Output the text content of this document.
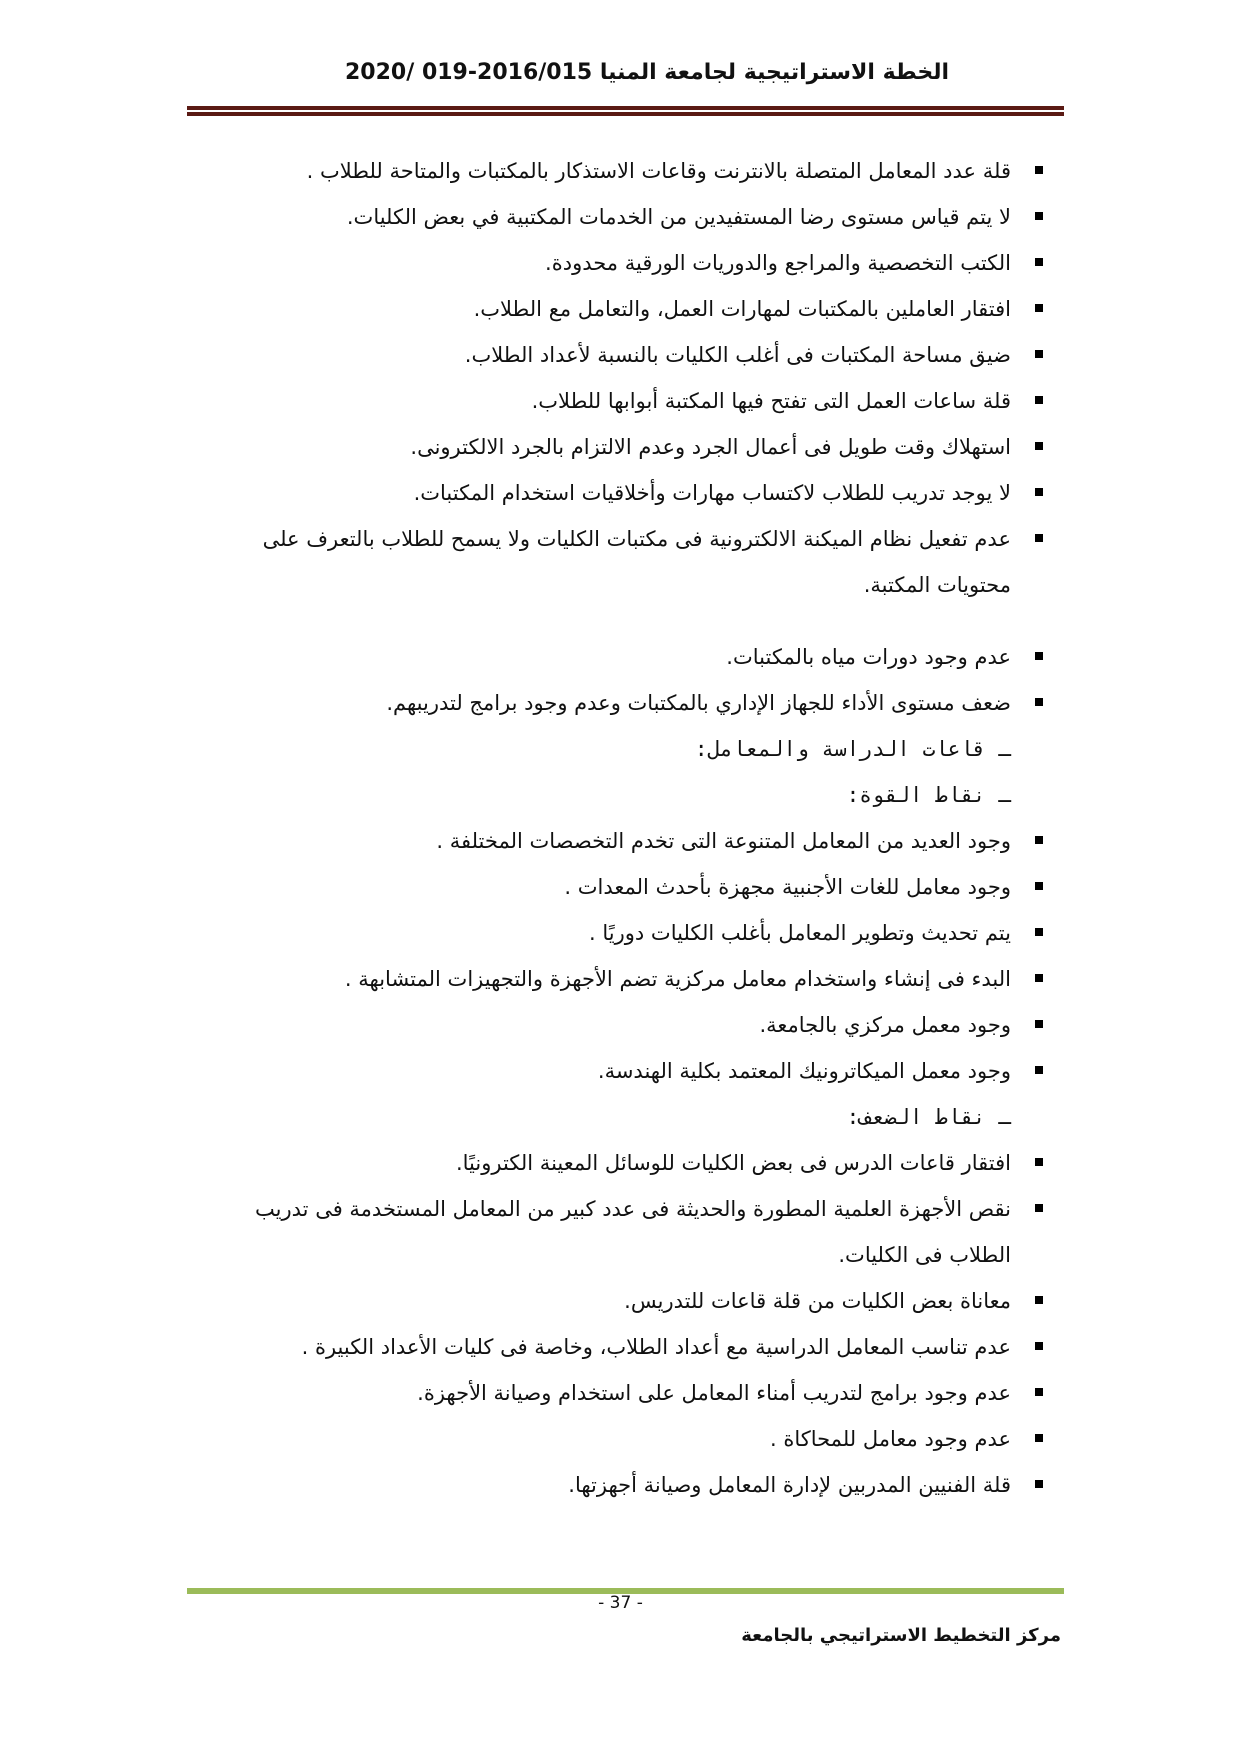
الخطة الاستراتيجية لجامعة المنيا 2016/015-019 /2020
قلة عدد المعامل المتصلة بالانترنت وقاعات الاستذكار بالمكتبات والمتاحة للطلاب .
لا يتم قياس مستوى رضا المستفيدين من الخدمات المكتبية في بعض الكليات.
الكتب التخصصية والمراجع والدوريات الورقية محدودة.
افتقار العاملين بالمكتبات لمهارات العمل، والتعامل مع الطلاب.
ضيق مساحة المكتبات فى أغلب الكليات بالنسبة لأعداد الطلاب.
قلة ساعات العمل التى تفتح فيها المكتبة أبوابها للطلاب.
استهلاك وقت طويل فى أعمال الجرد وعدم الالتزام بالجرد الالكترونى.
لا يوجد تدريب للطلاب لاكتساب مهارات وأخلاقيات استخدام المكتبات.
عدم تفعيل نظام الميكنة الالكترونية فى مكتبات الكليات ولا يسمح للطلاب بالتعرف على محتويات المكتبة.
عدم وجود دورات مياه بالمكتبات.
ضعف مستوى الأداء للجهاز الإداري بالمكتبات وعدم وجود برامج لتدريبهم.
ـ قاعات الدراسة والمعامل:
ـ نقاط القوة:
وجود العديد من المعامل المتنوعة التى تخدم التخصصات المختلفة .
وجود معامل للغات الأجنبية مجهزة بأحدث المعدات .
يتم تحديث وتطوير المعامل بأغلب الكليات دوريًا .
البدء فى إنشاء واستخدام معامل مركزية تضم الأجهزة والتجهيزات المتشابهة .
وجود معمل مركزي بالجامعة.
وجود معمل الميكاترونيك المعتمد بكلية الهندسة.
ـ نقاط الضعف:
افتقار قاعات الدرس فى بعض الكليات للوسائل المعينة الكترونيًا.
نقص الأجهزة العلمية المطورة والحديثة فى عدد كبير من المعامل المستخدمة فى تدريب الطلاب فى الكليات.
معاناة بعض الكليات من قلة قاعات للتدريس.
عدم تناسب المعامل الدراسية مع أعداد الطلاب، وخاصة فى كليات الأعداد الكبيرة .
عدم وجود برامج لتدريب أمناء المعامل على استخدام وصيانة الأجهزة.
عدم وجود معامل للمحاكاة .
قلة الفنيين المدربين لإدارة المعامل وصيانة أجهزتها.
- 37 -
مركز التخطيط الاستراتيجي بالجامعة
